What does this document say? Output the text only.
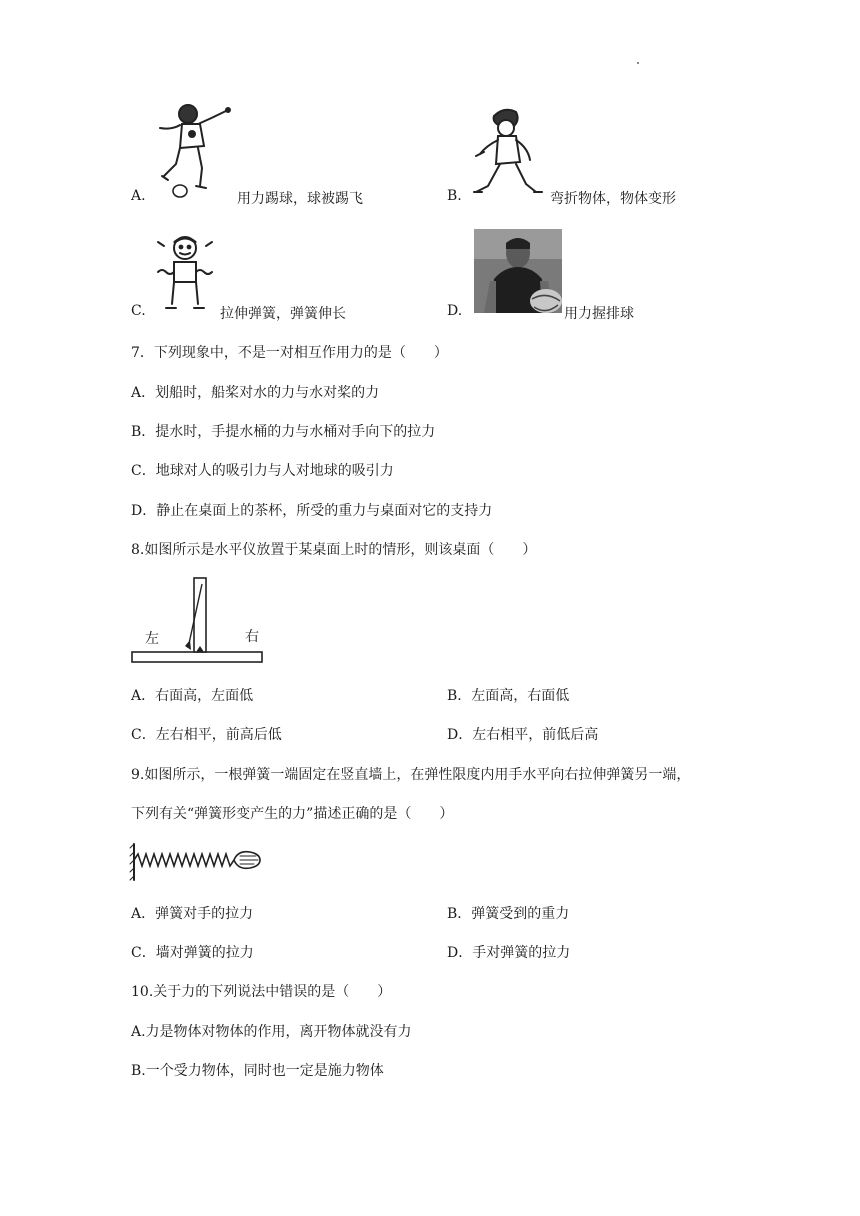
A.	用力踢球，球被踢飞	B.	弯折物体，物体变形
C.	拉伸弹簧，弹簧伸长	D.	用力握排球
7．下列现象中，不是一对相互作用力的是（　　）
A．划船时，船桨对水的力与水对桨的力
B．提水时，手提水桶的力与水桶对手向下的拉力
C．地球对人的吸引力与人对地球的吸引力
D．静止在桌面上的茶杯，所受的重力与桌面对它的支持力
8.如图所示是水平仪放置于某桌面上时的情形，则该桌面（　　）
左	右
A．右面高，左面低	B．左面高，右面低
C．左右相平，前高后低	D．左右相平，前低后高
9.如图所示，一根弹簧一端固定在竖直墙上，在弹性限度内用手水平向右拉伸弹簧另一端，
下列有关“弹簧形变产生的力”描述正确的是（　　）
A．弹簧对手的拉力	B．弹簧受到的重力
C．墙对弹簧的拉力	D．手对弹簧的拉力
10.关于力的下列说法中错误的是（　　）
A.力是物体对物体的作用，离开物体就没有力
B.一个受力物体，同时也一定是施力物体
